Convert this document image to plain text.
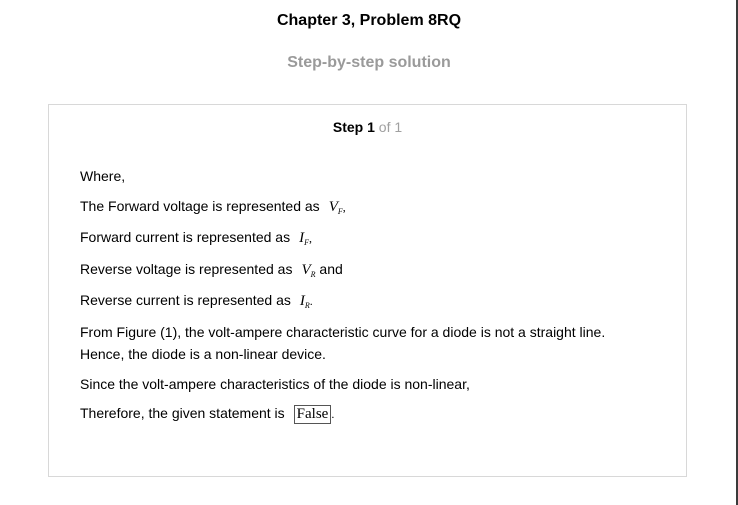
Chapter 3, Problem 8RQ
Step-by-step solution
Step 1 of 1
Where,
The Forward voltage is represented as $V_F$,
Forward current is represented as $I_F$,
Reverse voltage is represented as $V_R$ and
Reverse current is represented as $I_R$.
From Figure (1), the volt-ampere characteristic curve for a diode is not a straight line.
Hence, the diode is a non-linear device.
Since the volt-ampere characteristics of the diode is non-linear,
Therefore, the given statement is False .
